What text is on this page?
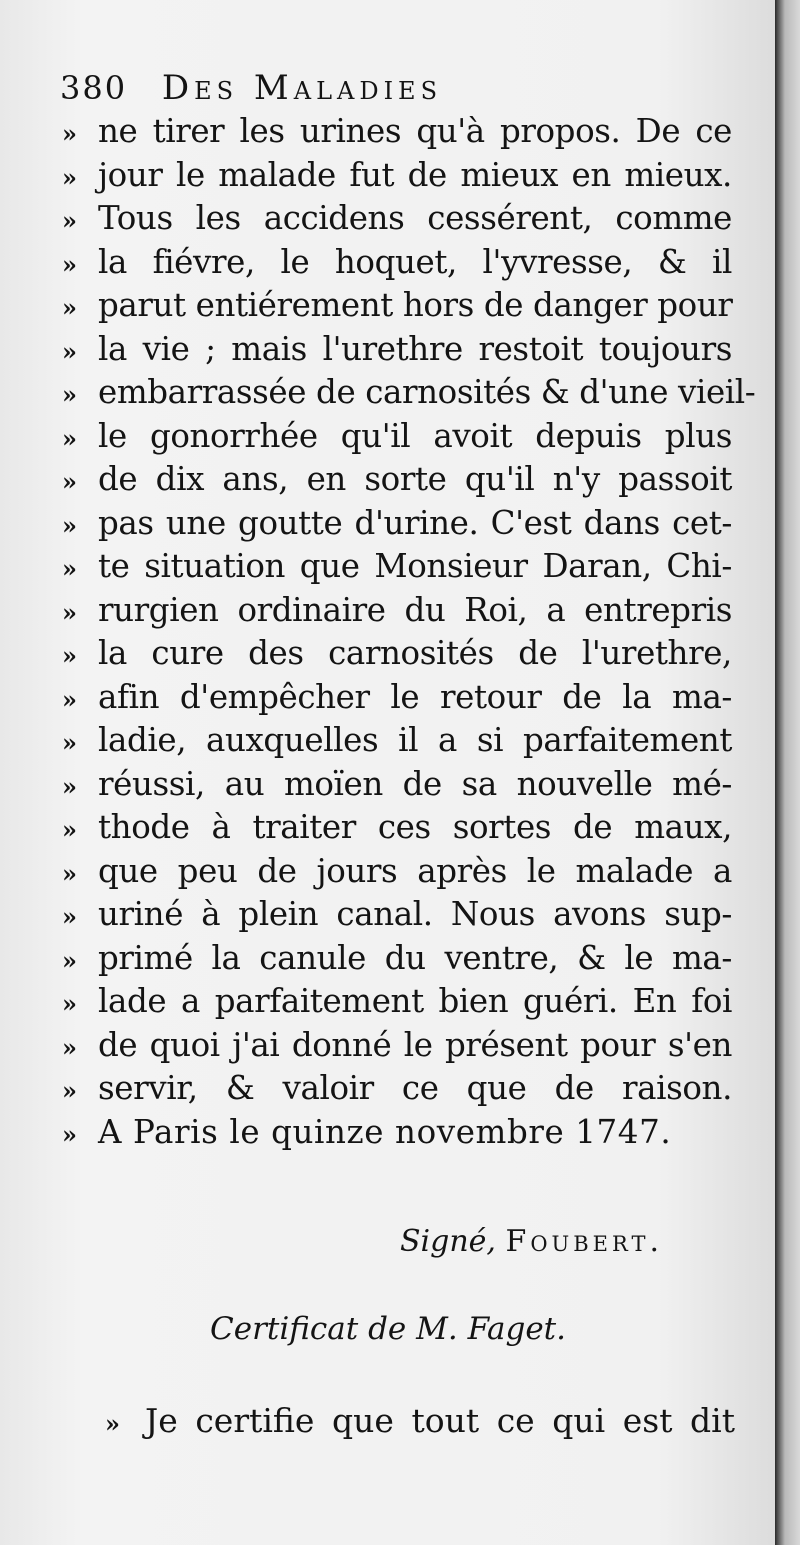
380 Des Maladies
» ne tirer les urines qu'à propos. De ce
» jour le malade fut de mieux en mieux.
» Tous les accidens cessérent, comme
» la fiévre, le hoquet, l'yvresse, & il
» parut entiérement hors de danger pour
» la vie ; mais l'urethre restoit toujours
» embarrassée de carnosités & d'une vieil-
» le gonorrhée qu'il avoit depuis plus
» de dix ans, en sorte qu'il n'y passoit
» pas une goutte d'urine. C'est dans cet-
» te situation que Monsieur Daran, Chi-
» rurgien ordinaire du Roi, a entrepris
» la cure des carnosités de l'urethre,
» afin d'empêcher le retour de la ma-
» ladie, auxquelles il a si parfaitement
» réussi, au moïen de sa nouvelle mé-
» thode à traiter ces sortes de maux,
» que peu de jours après le malade a
» uriné à plein canal. Nous avons sup-
» primé la canule du ventre, & le ma-
» lade a parfaitement bien guéri. En foi
» de quoi j'ai donné le présent pour s'en
» servir, & valoir ce que de raison.
» A Paris le quinze novembre 1747.
Signé, Foubert.
Certificat de M. Faget.
» Je certifie que tout ce qui est dit
